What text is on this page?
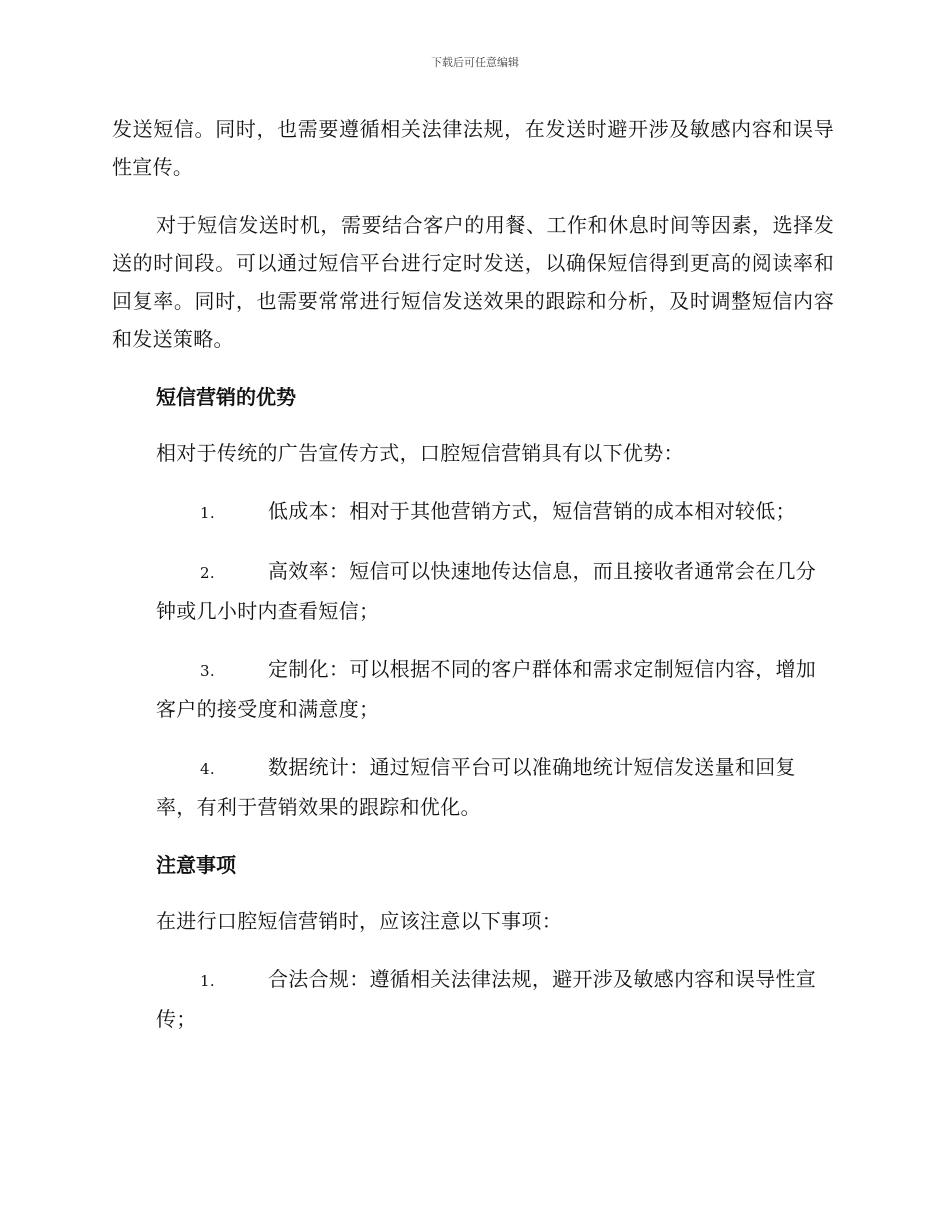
下载后可任意编辑

发送短信。同时，也需要遵循相关法律法规，在发送时避开涉及敏感内容和误导性宣传。

对于短信发送时机，需要结合客户的用餐、工作和休息时间等因素，选择发送的时间段。可以通过短信平台进行定时发送，以确保短信得到更高的阅读率和回复率。同时，也需要常常进行短信发送效果的跟踪和分析，及时调整短信内容和发送策略。

短信营销的优势

相对于传统的广告宣传方式，口腔短信营销具有以下优势：

1.	低成本：相对于其他营销方式，短信营销的成本相对较低；

2.	高效率：短信可以快速地传达信息，而且接收者通常会在几分钟或几小时内查看短信；

3.	定制化：可以根据不同的客户群体和需求定制短信内容，增加客户的接受度和满意度；

4.	数据统计：通过短信平台可以准确地统计短信发送量和回复率，有利于营销效果的跟踪和优化。

注意事项

在进行口腔短信营销时，应该注意以下事项：

1.	合法合规：遵循相关法律法规，避开涉及敏感内容和误导性宣传；
